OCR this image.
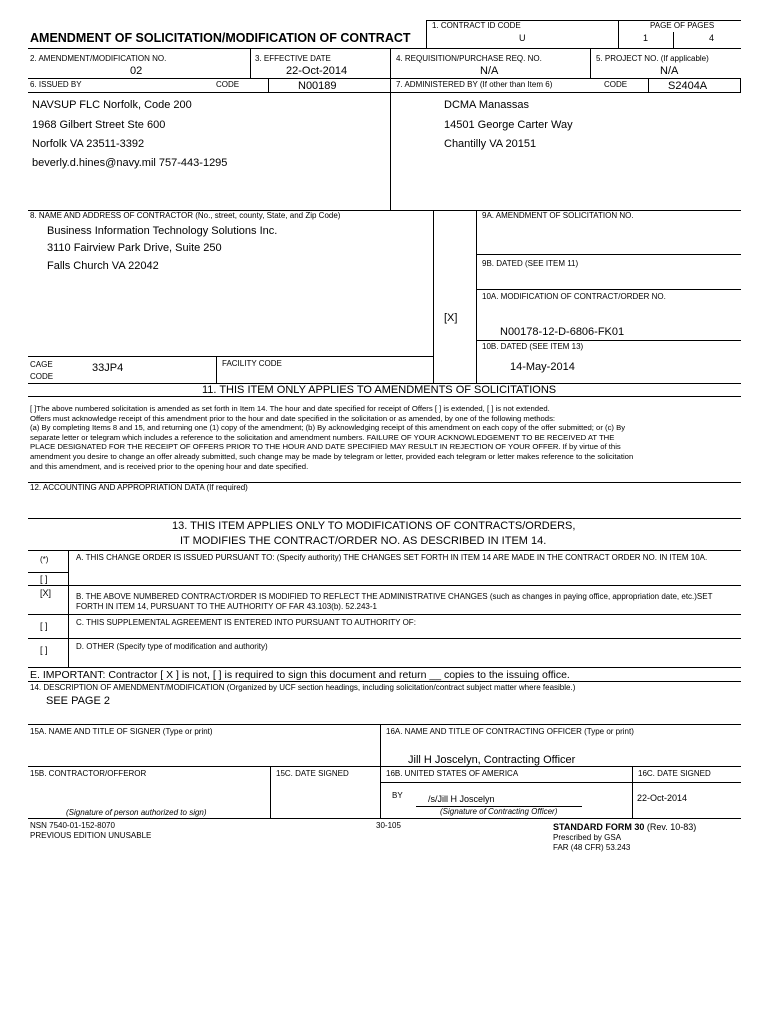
AMENDMENT OF SOLICITATION/MODIFICATION OF CONTRACT
1. CONTRACT ID CODE
U
PAGE OF PAGES
1	4
2. AMENDMENT/MODIFICATION NO.
02
3. EFFECTIVE DATE
22-Oct-2014
4. REQUISITION/PURCHASE REQ. NO.
N/A
5. PROJECT NO. (If applicable)
N/A
6. ISSUED BY	CODE	N00189	7. ADMINISTERED BY (If other than Item 6)	CODE	S2404A
NAVSUP FLC Norfolk, Code 200
1968 Gilbert Street Ste 600
Norfolk VA 23511-3392
beverly.d.hines@navy.mil 757-443-1295
DCMA Manassas
14501 George Carter Way
Chantilly VA 20151
8. NAME AND ADDRESS OF CONTRACTOR (No., street, county, State, and Zip Code)
Business Information Technology Solutions Inc.
3110 Fairview Park Drive, Suite 250
Falls Church VA 22042
CAGE
CODE
33JP4	FACILITY CODE
9A. AMENDMENT OF SOLICITATION NO.
9B. DATED (SEE ITEM 11)
10A. MODIFICATION OF CONTRACT/ORDER NO.
[X]
N00178-12-D-6806-FK01
10B. DATED (SEE ITEM 13)
14-May-2014
11. THIS ITEM ONLY APPLIES TO AMENDMENTS OF SOLICITATIONS

[ ]The above numbered solicitation is amended as set forth in Item 14. The hour and date specified for receipt of Offers [ ] is extended, [ ] is not extended.

Offers must acknowledge receipt of this amendment prior to the hour and date specified in the solicitation or as amended, by one of the following methods:

(a) By completing Items 8 and 15, and returning one (1) copy of the amendment; (b) By acknowledging receipt of this amendment on each copy of the offer submitted; or (c) By

separate letter or telegram which includes a reference to the solicitation and amendment numbers. FAILURE OF YOUR ACKNOWLEDGEMENT TO BE RECEIVED AT THE

PLACE DESIGNATED FOR THE RECEIPT OF OFFERS PRIOR TO THE HOUR AND DATE SPECIFIED MAY RESULT IN REJECTION OF YOUR OFFER. If by virtue of this

amendment you desire to change an offer already submitted, such change may be made by telegram or letter, provided each telegram or letter makes reference to the solicitation

and this amendment, and is received prior to the opening hour and date specified.

12. ACCOUNTING AND APPROPRIATION DATA (If required)
13. THIS ITEM APPLIES ONLY TO MODIFICATIONS OF CONTRACTS/ORDERS,
IT MODIFIES THE CONTRACT/ORDER NO. AS DESCRIBED IN ITEM 14.
(*)	A. THIS CHANGE ORDER IS ISSUED PURSUANT TO: (Specify authority) THE CHANGES SET FORTH IN ITEM 14 ARE MADE IN THE CONTRACT ORDER NO. IN ITEM 10A.
[ ]
[X]	B. THE ABOVE NUMBERED CONTRACT/ORDER IS MODIFIED TO REFLECT THE ADMINISTRATIVE CHANGES (such as changes in paying office, appropriation date, etc.)SET FORTH IN ITEM 14, PURSUANT TO THE AUTHORITY OF FAR 43.103(b). 52.243-1
[ ]	C. THIS SUPPLEMENTAL AGREEMENT IS ENTERED INTO PURSUANT TO AUTHORITY OF:
[ ]	D. OTHER (Specify type of modification and authority)
E. IMPORTANT: Contractor [ X ] is not, [ ] is required to sign this document and return __ copies to the issuing office.
14. DESCRIPTION OF AMENDMENT/MODIFICATION (Organized by UCF section headings, including solicitation/contract subject matter where feasible.)
SEE PAGE 2
15A. NAME AND TITLE OF SIGNER (Type or print)	16A. NAME AND TITLE OF CONTRACTING OFFICER (Type or print)
Jill H Joscelyn, Contracting Officer
15B. CONTRACTOR/OFFEROR	15C. DATE SIGNED	16B. UNITED STATES OF AMERICA	16C. DATE SIGNED
BY	/s/Jill H Joscelyn	22-Oct-2014
(Signature of person authorized to sign)	(Signature of Contracting Officer)
NSN 7540-01-152-8070
PREVIOUS EDITION UNUSABLE
30-105	STANDARD FORM 30 (Rev. 10-83)
Prescribed by GSA
FAR (48 CFR) 53.243
